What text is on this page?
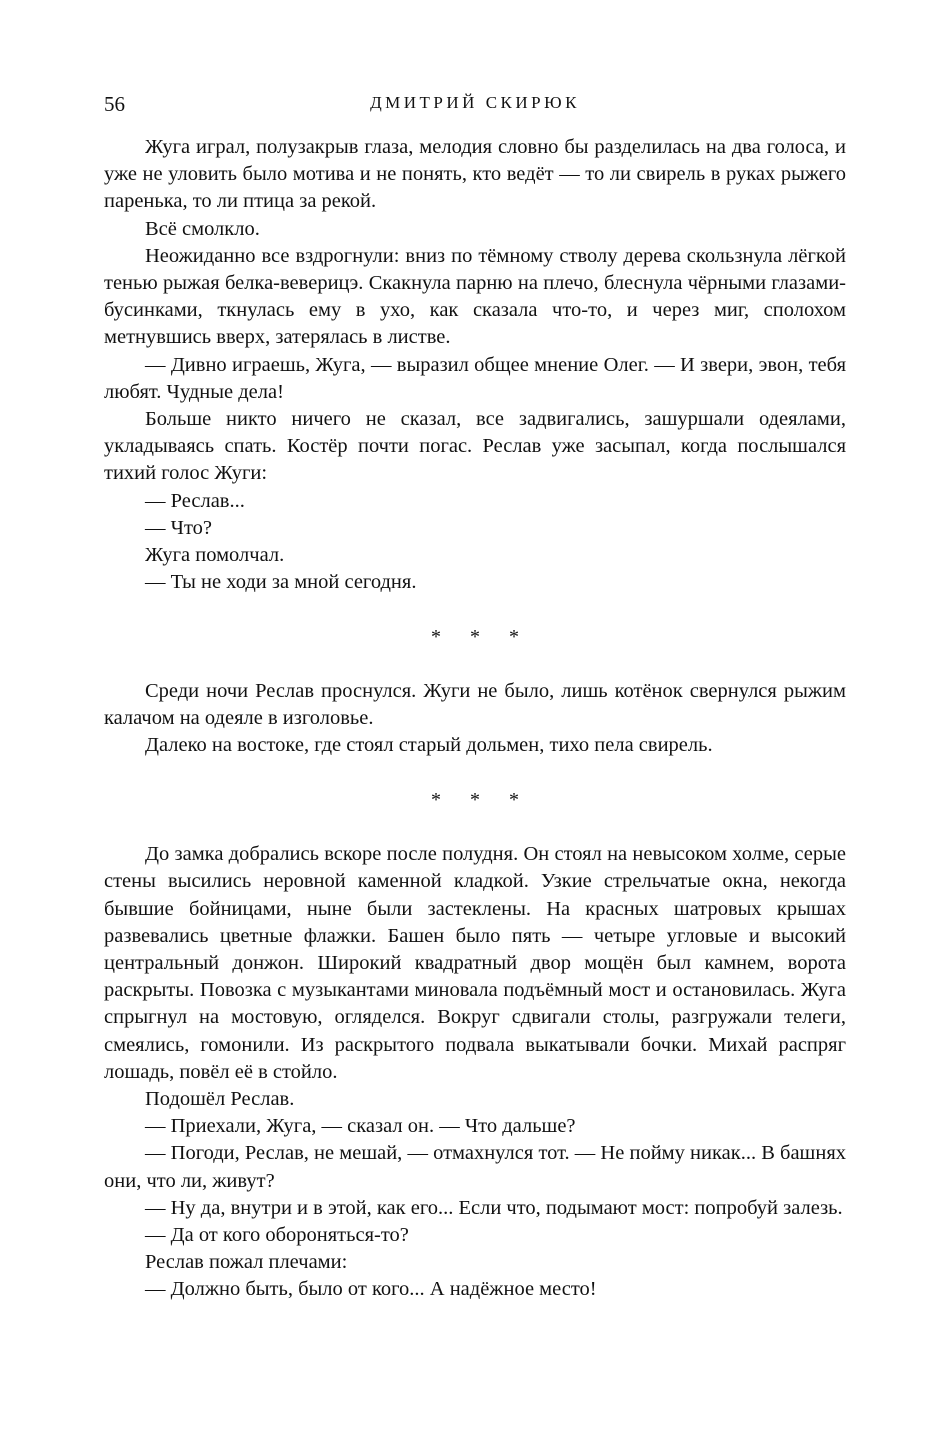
56	ДМИТРИЙ СКИРЮК

Жуга играл, полузакрыв глаза, мелодия словно бы разделилась на два голоса, и уже не уловить было мотива и не понять, кто ведёт — то ли свирель в руках рыжего паренька, то ли птица за рекой.

Всё смолкло.

Неожиданно все вздрогнули: вниз по тёмному стволу дерева скользнула лёгкой тенью рыжая белка-веверицэ. Скакнула парню на плечо, блеснула чёрными глазами-бусинками, ткнулась ему в ухо, как сказала что-то, и через миг, сполохом метнувшись вверх, затерялась в листве.

— Дивно играешь, Жуга, — выразил общее мнение Олег. — И звери, эвон, тебя любят. Чудные дела!

Больше никто ничего не сказал, все задвигались, зашуршали одеялами, укладываясь спать. Костёр почти погас. Реслав уже засыпал, когда послышался тихий голос Жуги:

— Реслав...

— Что?

Жуга помолчал.

— Ты не ходи за мной сегодня.

* * *

Среди ночи Реслав проснулся. Жуги не было, лишь котёнок свернулся рыжим калачом на одеяле в изголовье.

Далеко на востоке, где стоял старый дольмен, тихо пела свирель.

* * *

До замка добрались вскоре после полудня. Он стоял на невысоком холме, серые стены высились неровной каменной кладкой. Узкие стрельчатые окна, некогда бывшие бойницами, ныне были застеклены. На красных шатровых крышах развевались цветные флажки. Башен было пять — четыре угловые и высокий центральный донжон. Широкий квадратный двор мощён был камнем, ворота раскрыты. Повозка с музыкантами миновала подъёмный мост и остановилась. Жуга спрыгнул на мостовую, огляделся. Вокруг сдвигали столы, разгружали телеги, смеялись, гомонили. Из раскрытого подвала выкатывали бочки. Михай распряг лошадь, повёл её в стойло.

Подошёл Реслав.

— Приехали, Жуга, — сказал он. — Что дальше?

— Погоди, Реслав, не мешай, — отмахнулся тот. — Не пойму никак... В башнях они, что ли, живут?

— Ну да, внутри и в этой, как его... Если что, подымают мост: попробуй залезь.

— Да от кого обороняться-то?

Реслав пожал плечами:

— Должно быть, было от кого... А надёжное место!
